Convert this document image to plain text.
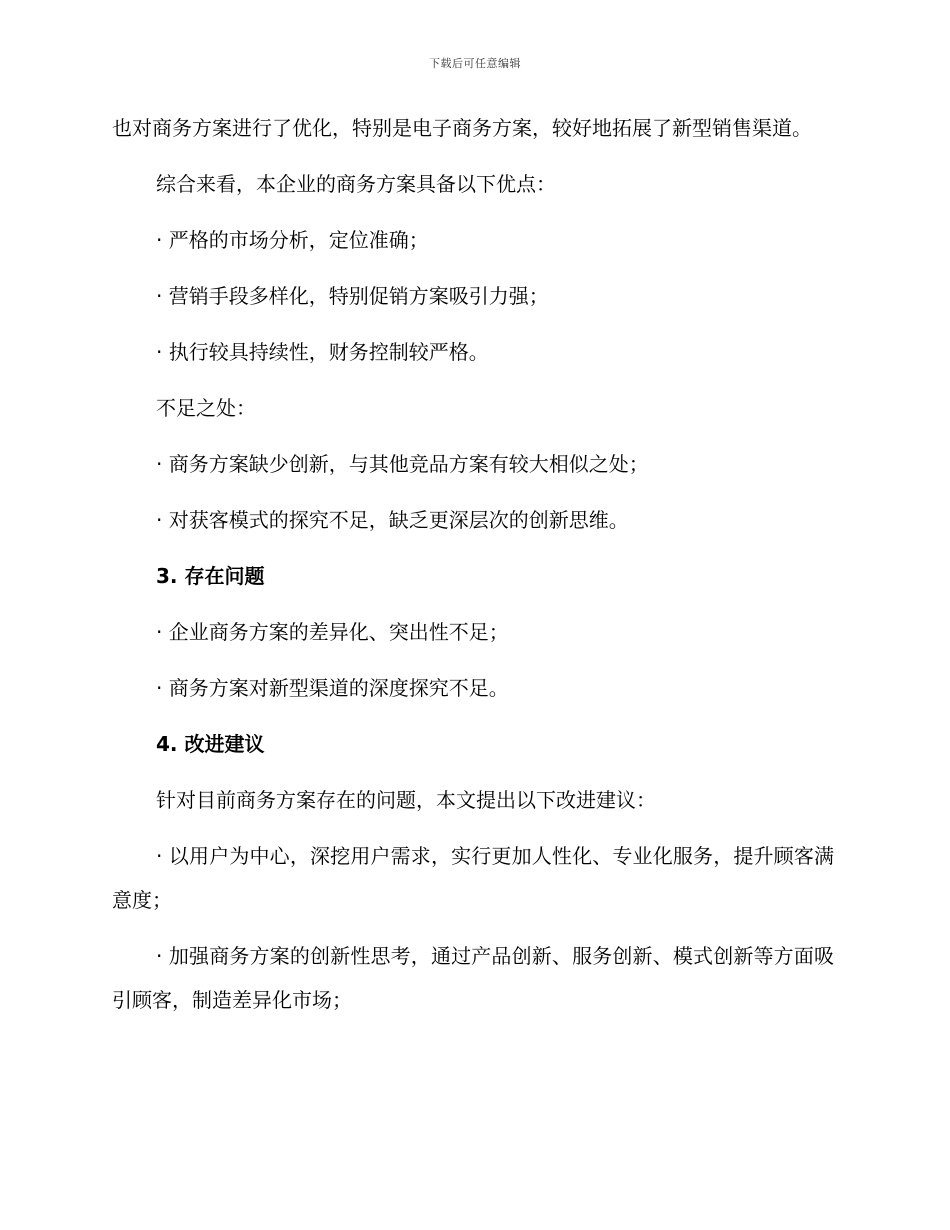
下载后可任意编辑

也对商务方案进行了优化，特别是电子商务方案，较好地拓展了新型销售渠道。

综合来看，本企业的商务方案具备以下优点：

· 严格的市场分析，定位准确；

· 营销手段多样化，特别促销方案吸引力强；

· 执行较具持续性，财务控制较严格。

不足之处：

· 商务方案缺少创新，与其他竞品方案有较大相似之处；

· 对获客模式的探究不足，缺乏更深层次的创新思维。

3. 存在问题

· 企业商务方案的差异化、突出性不足；

· 商务方案对新型渠道的深度探究不足。

4. 改进建议

针对目前商务方案存在的问题，本文提出以下改进建议：

· 以用户为中心，深挖用户需求，实行更加人性化、专业化服务，提升顾客满意度；

· 加强商务方案的创新性思考，通过产品创新、服务创新、模式创新等方面吸引顾客，制造差异化市场；
